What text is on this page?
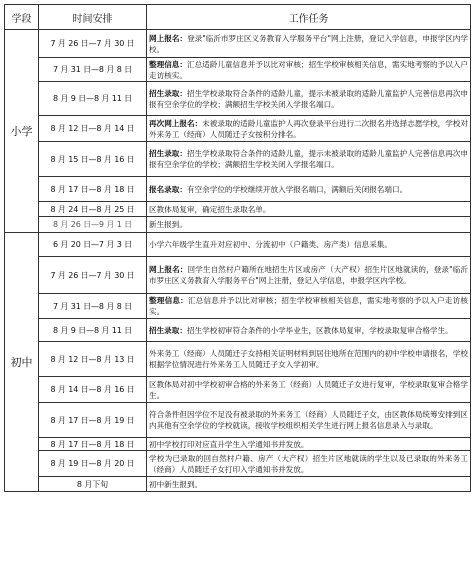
学段	时间安排	工作任务
小学	7 月 26 日—7 月 30 日	网上报名：登录"临沂市罗庄区义务教育入学服务平台"网上注册，登记入学信息，申报学区内学校。
	7 月 31 日—8 月 8 日	整理信息：汇总适龄儿童信息并予以比对审核；招生学校审核相关信息，需实地考察的予以入户走访核实。
	8 月 9 日—8 月 11 日	招生录取：招生学校录取符合条件的适龄儿童，提示未被录取的适龄儿童监护人完善信息再次申报有空余学位的学校；满额招生学校关闭入学报名端口。
	8 月 12 日—8 月 14 日	再次网上报名：未被录取的适龄儿童监护人再次登录平台进行二次报名并选择志愿学校，学校对外来务工（经商）人员随迁子女按积分排名。
	8 月 15 日—8 月 16 日	招生录取：招生学校录取符合条件的适龄儿童，提示未被录取的适龄儿童监护人完善信息再次申报有空余学位的学校；满额招生学校关闭入学报名端口。
	8 月 17 日—8 月 18 日	报名录取：有空余学位的学校继续开放入学报名端口，满额后关闭报名端口。
	8 月 24 日—8 月 25 日	区教体局复审，确定招生录取名单。
	8 月 26 日—9 月 1 日	新生报到。
初中	6 月 20 日—7 月 3 日	小学六年级学生直升对应初中、分流初中（户籍类、房产类）信息采集。
	7 月 26 日—7 月 30 日	网上报名：回学生自然村户籍所在地招生片区或房产（大产权）招生片区地就读的，登录"临沂市罗庄区义务教育入学服务平台"网上注册，登记入学信息，申报学区内学校。
	7 月 31 日—8 月 8 日	整理信息：汇总信息并予以比对审核；招生学校审核相关信息，需实地考察的予以入户走访核实。
	8 月 9 日—8 月 11 日	招生录取：招生学校初审符合条件的小学毕业生，区教体局复审，学校录取复审合格学生。
	8 月 12 日—8 月 13 日	外来务工（经商）人员随迁子女持相关证明材料到居住地所在范围内的初中学校申请报名，学校根据学位情况进行外来务工人员随迁子女入学初审。
	8 月 14 日—8 月 16 日	区教体局对初中学校初审合格的外来务工（经商）人员随迁子女进行复审，学校录取复审合格学生。
	8 月 17 日—8 月 19 日	符合条件但因学位不足没有被录取的外来务工（经商）人员随迁子女，由区教体局统筹安排到区内其他有空余学位的学校就读，接收学校组织相关学生进行网上报名信息录入与录取。
	8 月 17 日—8 月 18 日	初中学校打印对应直升学生入学通知书并发放。
	8 月 19 日—8 月 20 日	学校为已录取的回自然村户籍、房产（大产权）招生片区地就读的学生以及已录取的外来务工（经商）人员随迁子女打印入学通知书并发放。
	8 月下旬	初中新生报到。
